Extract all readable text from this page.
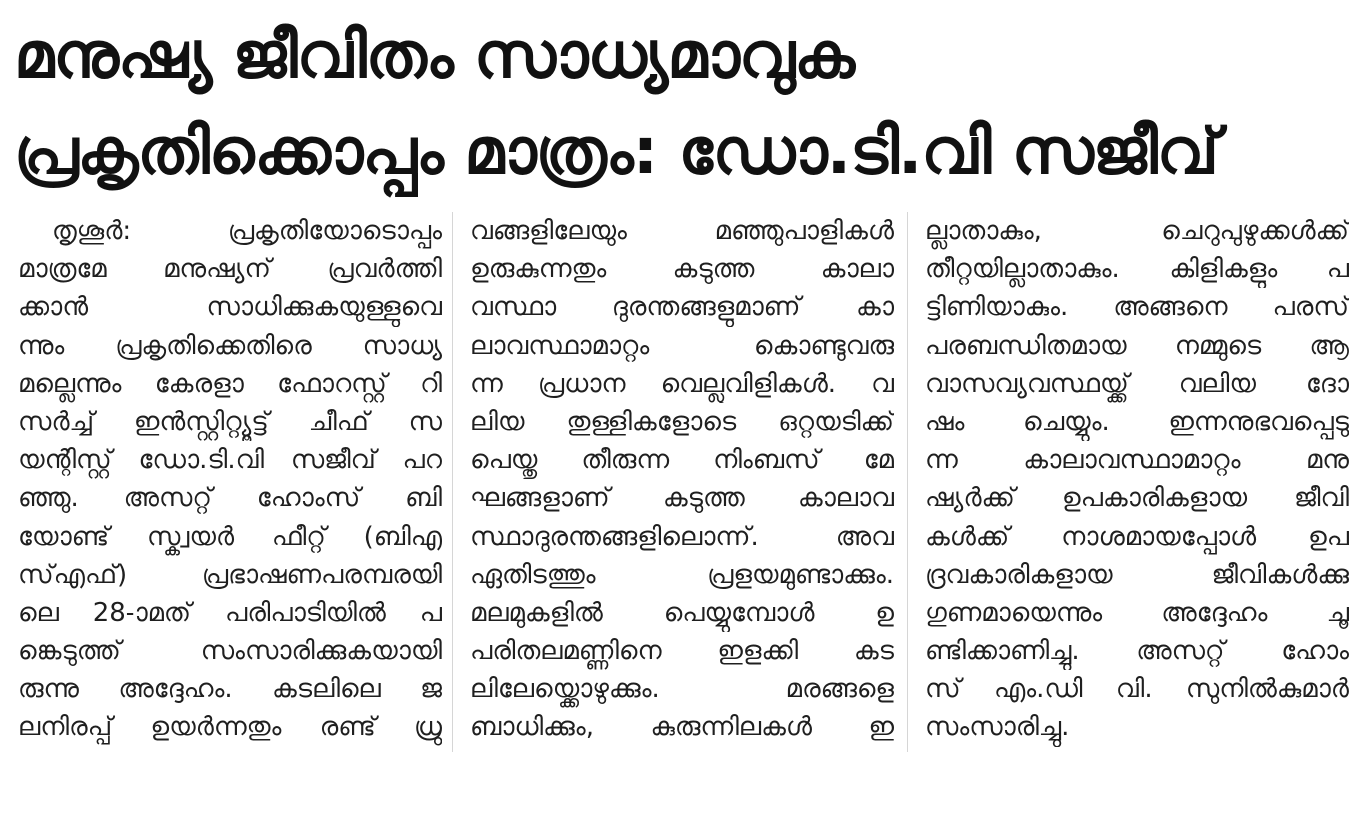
മനുഷ്യ ജീവിതം സാധ്യമാവുക
പ്രകൃതിക്കൊപ്പം മാത്രം: ഡോ.ടി.വി സജീവ്
തൃശൂർ: പ്രകൃതിയോടൊപ്പം
മാത്രമേ മനുഷ്യന് പ്രവർത്തി
ക്കാൻ സാധിക്കുകയുള്ളുവെ
ന്നും പ്രകൃതിക്കെതിരെ സാധ്യ
മല്ലെന്നും കേരളാ ഫോറസ്റ്റ് റി
സർച്ച് ഇൻസ്റ്റിറ്റ്യൂട്ട് ചീഫ് സ
യന്റിസ്റ്റ് ഡോ.ടി.വി സജീവ് പറ
ഞ്ഞു. അസറ്റ് ഹോംസ് ബി
യോണ്ട് സ്ക്വയർ ഫീറ്റ് (ബിഎ
സ്എഫ്) പ്രഭാഷണപരമ്പരയി
ലെ 28-ാമത് പരിപാടിയിൽ പ
ങ്കെടുത്ത് സംസാരിക്കുകയായി
രുന്നു അദ്ദേഹം. കടലിലെ ജ
ലനിരപ്പ് ഉയർന്നതും രണ്ട് ധ്രു
വങ്ങളിലേയും മഞ്ഞുപാളികൾ
ഉരുകുന്നതും കടുത്ത കാലാ
വസ്ഥാ ദുരന്തങ്ങളുമാണ് കാ
ലാവസ്ഥാമാറ്റം കൊണ്ടുവരു
ന്ന പ്രധാന വെല്ലുവിളികൾ. വ
ലിയ തുള്ളികളോടെ ഒറ്റയടിക്ക്
പെയ്തു തീരുന്ന നിംബസ് മേ
ഘങ്ങളാണ് കടുത്ത കാലാവ
സ്ഥാദുരന്തങ്ങളിലൊന്ന്. അവ
ഏതിടത്തും പ്രളയമുണ്ടാക്കും.
മലമുകളിൽ പെയ്യുമ്പോൾ ഉ
പരിതലമണ്ണിനെ ഇളക്കി കട
ലിലേയ്ക്കൊഴുക്കും. മരങ്ങളെ
ബാധിക്കും, കുരുന്നിലകൾ ഇ
ല്ലാതാകും, ചെറുപുഴുക്കൾക്ക്
തീറ്റയില്ലാതാകും. കിളികളും പ
ട്ടിണിയാകും. അങ്ങനെ പരസ്
പരബന്ധിതമായ നമ്മുടെ ആ
വാസവ്യവസ്ഥയ്ക്ക് വലിയ ദോ
ഷം ചെയ്യും. ഇന്നനുഭവപ്പെടു
ന്ന കാലാവസ്ഥാമാറ്റം മനു
ഷ്യർക്ക് ഉപകാരികളായ ജീവി
കൾക്ക് നാശമായപ്പോൾ ഉപ
ദ്രവകാരികളായ ജീവികൾക്കു
ഗുണമായെന്നും അദ്ദേഹം ചൂ
ണ്ടിക്കാണിച്ചു. അസറ്റ് ഹോം
സ് എം.ഡി വി. സുനിൽകുമാർ
സംസാരിച്ചു.
